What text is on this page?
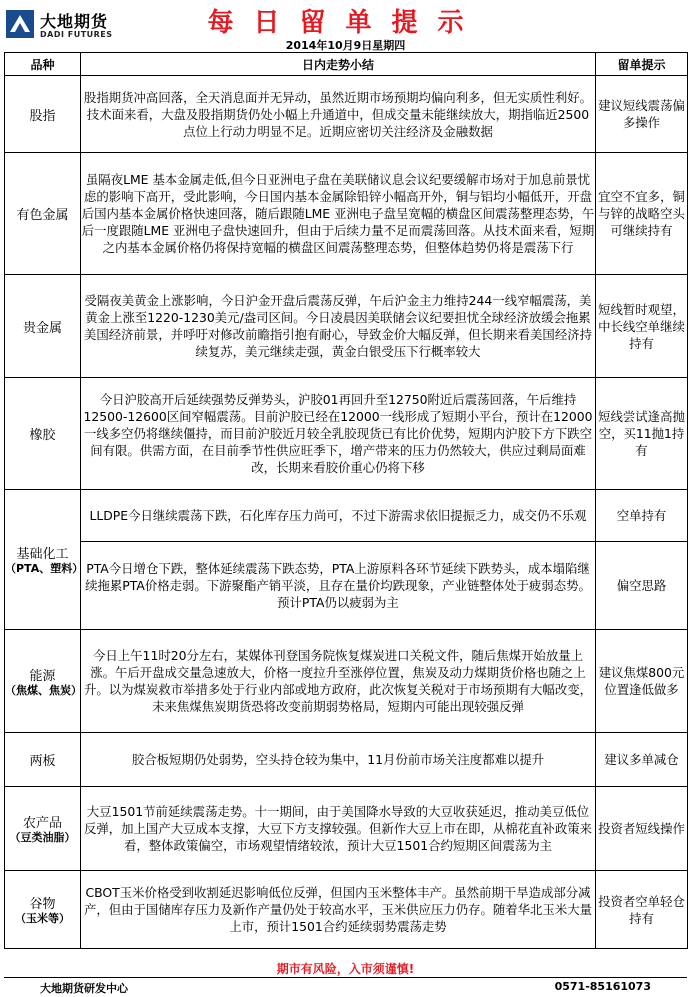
大地期货
DADI FUTURES	每日留单提示
2014年10月9日星期四
品种	日内走势小结	留单提示
股指	股指期货冲高回落，全天消息面并无异动，虽然近期市场预期均偏向利多，但无实质性利好。技术面来看，大盘及股指期货仍处小幅上升通道中，但成交量未能继续放大，期指临近2500点位上行动力明显不足。近期应密切关注经济及金融数据	建议短线震荡偏多操作
有色金属	虽隔夜LME 基本金属走低,但今日亚洲电子盘在美联储议息会议纪要缓解市场对于加息前景忧虑的影响下高开，受此影响，今日国内基本金属除铅锌小幅高开外，铜与铝均小幅低开，开盘后国内基本金属价格快速回落，随后跟随LME 亚洲电子盘呈宽幅的横盘区间震荡整理态势，午后一度跟随LME 亚洲电子盘快速回升，但由于后续力量不足而震荡回落。从技术面来看，短期之内基本金属价格仍将保持宽幅的横盘区间震荡整理态势，但整体趋势仍将是震荡下行	宜空不宜多，铜与锌的战略空头可继续持有
贵金属	受隔夜美黄金上涨影响，今日沪金开盘后震荡反弹，午后沪金主力维持244一线窄幅震荡，美黄金上涨至1220-1230美元/盎司区间。今日凌晨因美联储会议纪要担忧全球经济放缓会拖累美国经济前景，并呼吁对修改前瞻指引抱有耐心，导致金价大幅反弹，但长期来看美国经济持续复苏，美元继续走强，黄金白银受压下行概率较大	短线暂时观望，中长线空单继续持有
橡胶	今日沪胶高开后延续强势反弹势头，沪胶01再回升至12750附近后震荡回落，午后维持12500-12600区间窄幅震荡。目前沪胶已经在12000一线形成了短期小平台，预计在12000一线多空仍将继续僵持，而目前沪胶近月较全乳胶现货已有比价优势，短期内沪胶下方下跌空间有限。供需方面，在目前季节性供应旺季下，增产带来的压力仍然较大，供应过剩局面难改，长期来看胶价重心仍将下移	短线尝试逢高抛空，买11抛1持有
基础化工
（PTA、塑料）	LLDPE今日继续震荡下跌，石化库存压力尚可，不过下游需求依旧提振乏力，成交仍不乐观	空单持有
	PTA今日增仓下跌，整体延续震荡下跌态势，PTA上游原料各环节延续下跌势头，成本塌陷继续拖累PTA价格走弱。下游聚酯产销平淡，且存在量价均跌现象，产业链整体处于疲弱态势。预计PTA仍以疲弱为主	偏空思路
能源
（焦煤、焦炭）	今日上午11时20分左右，某媒体刊登国务院恢复煤炭进口关税文件，随后焦煤开始放量上涨。午后开盘成交量急速放大，价格一度拉升至涨停位置，焦炭及动力煤期货价格也随之上升。以为煤炭救市举措多处于行业内部或地方政府，此次恢复关税对于市场预期有大幅改变，未来焦煤焦炭期货恐将改变前期弱势格局，短期内可能出现较强反弹	建议焦煤800元位置逢低做多
两板	胶合板短期仍处弱势，空头持仓较为集中，11月份前市场关注度都难以提升	建议多单减仓
农产品
（豆类油脂）	大豆1501节前延续震荡走势。十一期间，由于美国降水导致的大豆收获延迟，推动美豆低位反弹，加上国产大豆成本支撑，大豆下方支撑较强。但新作大豆上市在即，从棉花直补政策来看，整体政策偏空，市场观望情绪较浓，预计大豆1501合约短期区间震荡为主	投资者短线操作
谷物
（玉米等）	CBOT玉米价格受到收割延迟影响低位反弹，但国内玉米整体丰产。虽然前期干旱造成部分减产，但由于国储库存压力及新作产量仍处于较高水平，玉米供应压力仍存。随着华北玉米大量上市，预计1501合约延续弱势震荡走势	投资者空单轻仓持有
期市有风险，入市须谨慎!
大地期货研发中心	0571-85161073
